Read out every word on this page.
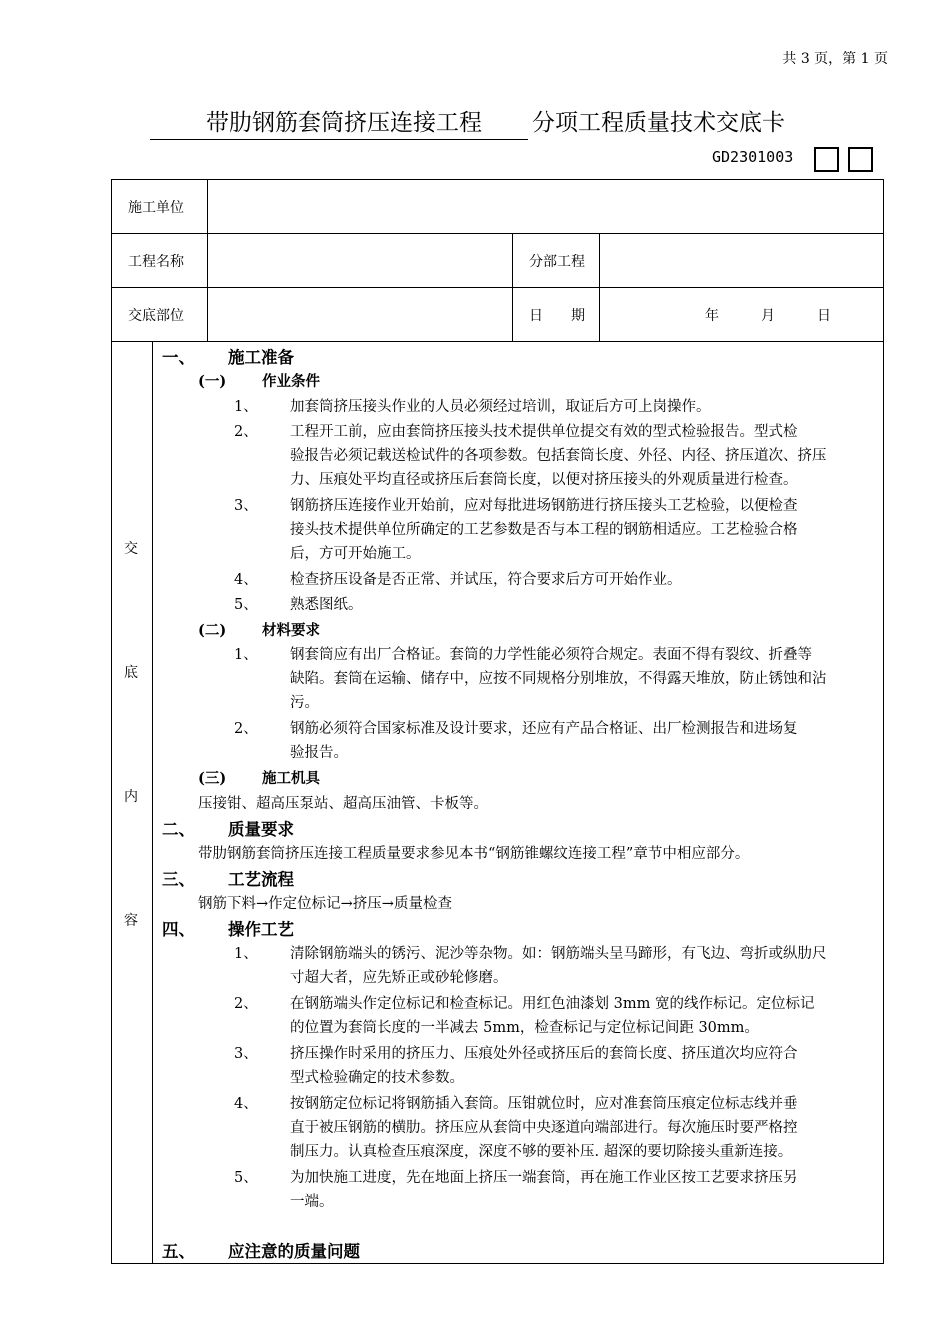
共 3 页，第 1 页
带肋钢筋套筒挤压连接工程 分项工程质量技术交底卡
GD2301003
施工单位			
工程名称		分部工程	
交底部位		日　　期	年　　　月　　　日
交
底
内
容
一、 施工准备
(一) 作业条件
1、 加套筒挤压接头作业的人员必须经过培训，取证后方可上岗操作。
2、 工程开工前，应由套筒挤压接头技术提供单位提交有效的型式检验报告。型式检
验报告必须记载送检试件的各项参数。包括套筒长度、外径、内径、挤压道次、挤压
力、压痕处平均直径或挤压后套筒长度，以便对挤压接头的外观质量进行检查。
3、 钢筋挤压连接作业开始前，应对每批进场钢筋进行挤压接头工艺检验，以便检查
接头技术提供单位所确定的工艺参数是否与本工程的钢筋相适应。工艺检验合格
后，方可开始施工。
4、 检查挤压设备是否正常、并试压，符合要求后方可开始作业。
5、 熟悉图纸。
(二) 材料要求
1、 钢套筒应有出厂合格证。套筒的力学性能必须符合规定。表面不得有裂纹、折叠等
缺陷。套筒在运输、储存中，应按不同规格分别堆放，不得露天堆放，防止锈蚀和沾
污。
2、 钢筋必须符合国家标准及设计要求，还应有产品合格证、出厂检测报告和进场复
验报告。
(三) 施工机具
压接钳、超高压泵站、超高压油管、卡板等。
二、 质量要求
带肋钢筋套筒挤压连接工程质量要求参见本书“钢筋锥螺纹连接工程”章节中相应部分。
三、 工艺流程
钢筋下料→作定位标记→挤压→质量检查
四、 操作工艺
1、 清除钢筋端头的锈污、泥沙等杂物。如：钢筋端头呈马蹄形，有飞边、弯折或纵肋尺
寸超大者，应先矫正或砂轮修磨。
2、 在钢筋端头作定位标记和检查标记。用红色油漆划 3mm 宽的线作标记。定位标记
的位置为套筒长度的一半减去 5mm，检查标记与定位标记间距 30mm。
3、 挤压操作时采用的挤压力、压痕处外径或挤压后的套筒长度、挤压道次均应符合
型式检验确定的技术参数。
4、 按钢筋定位标记将钢筋插入套筒。压钳就位时，应对准套筒压痕定位标志线并垂
直于被压钢筋的横肋。挤压应从套筒中央逐道向端部进行。每次施压时要严格控
制压力。认真检查压痕深度，深度不够的要补压. 超深的要切除接头重新连接。
5、 为加快施工进度，先在地面上挤压一端套筒，再在施工作业区按工艺要求挤压另
一端。
五、 应注意的质量问题
